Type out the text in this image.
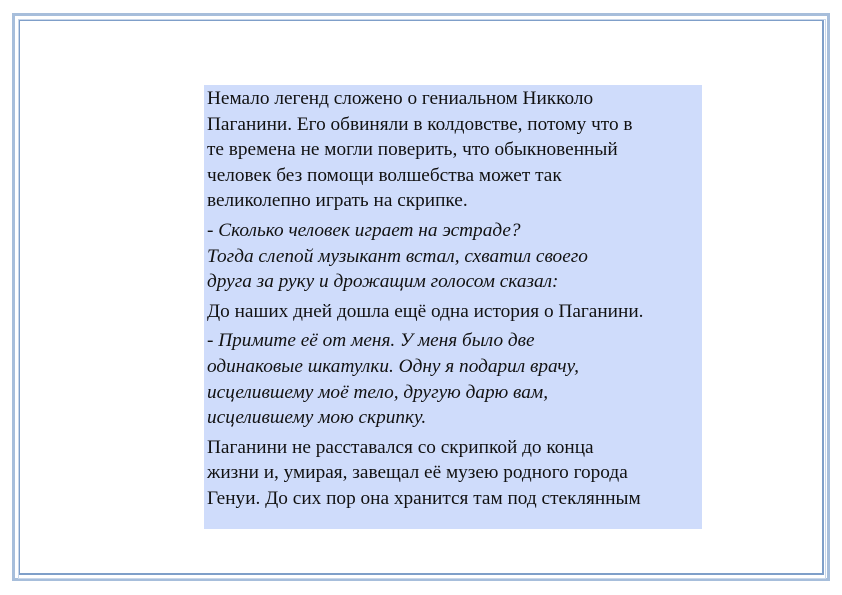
Немало легенд сложено о гениальном Никколо
Паганини. Его обвиняли в колдовстве, потому что в
те времена не могли поверить, что обыкновенный
человек без помощи волшебства может так
великолепно играть на скрипке.

- Сколько человек играет на эстраде?
Тогда слепой музыкант встал, схватил своего
друга за руку и дрожащим голосом сказал:

До наших дней дошла ещё одна история о Паганини.

- Примите её от меня. У меня было две
одинаковые шкатулки. Одну я подарил врачу,
исцелившему моё тело, другую дарю вам,
исцелившему мою скрипку.

Паганини не расставался со скрипкой до конца
жизни и, умирая, завещал её музею родного города
Генуи. До сих пор она хранится там под стеклянным
